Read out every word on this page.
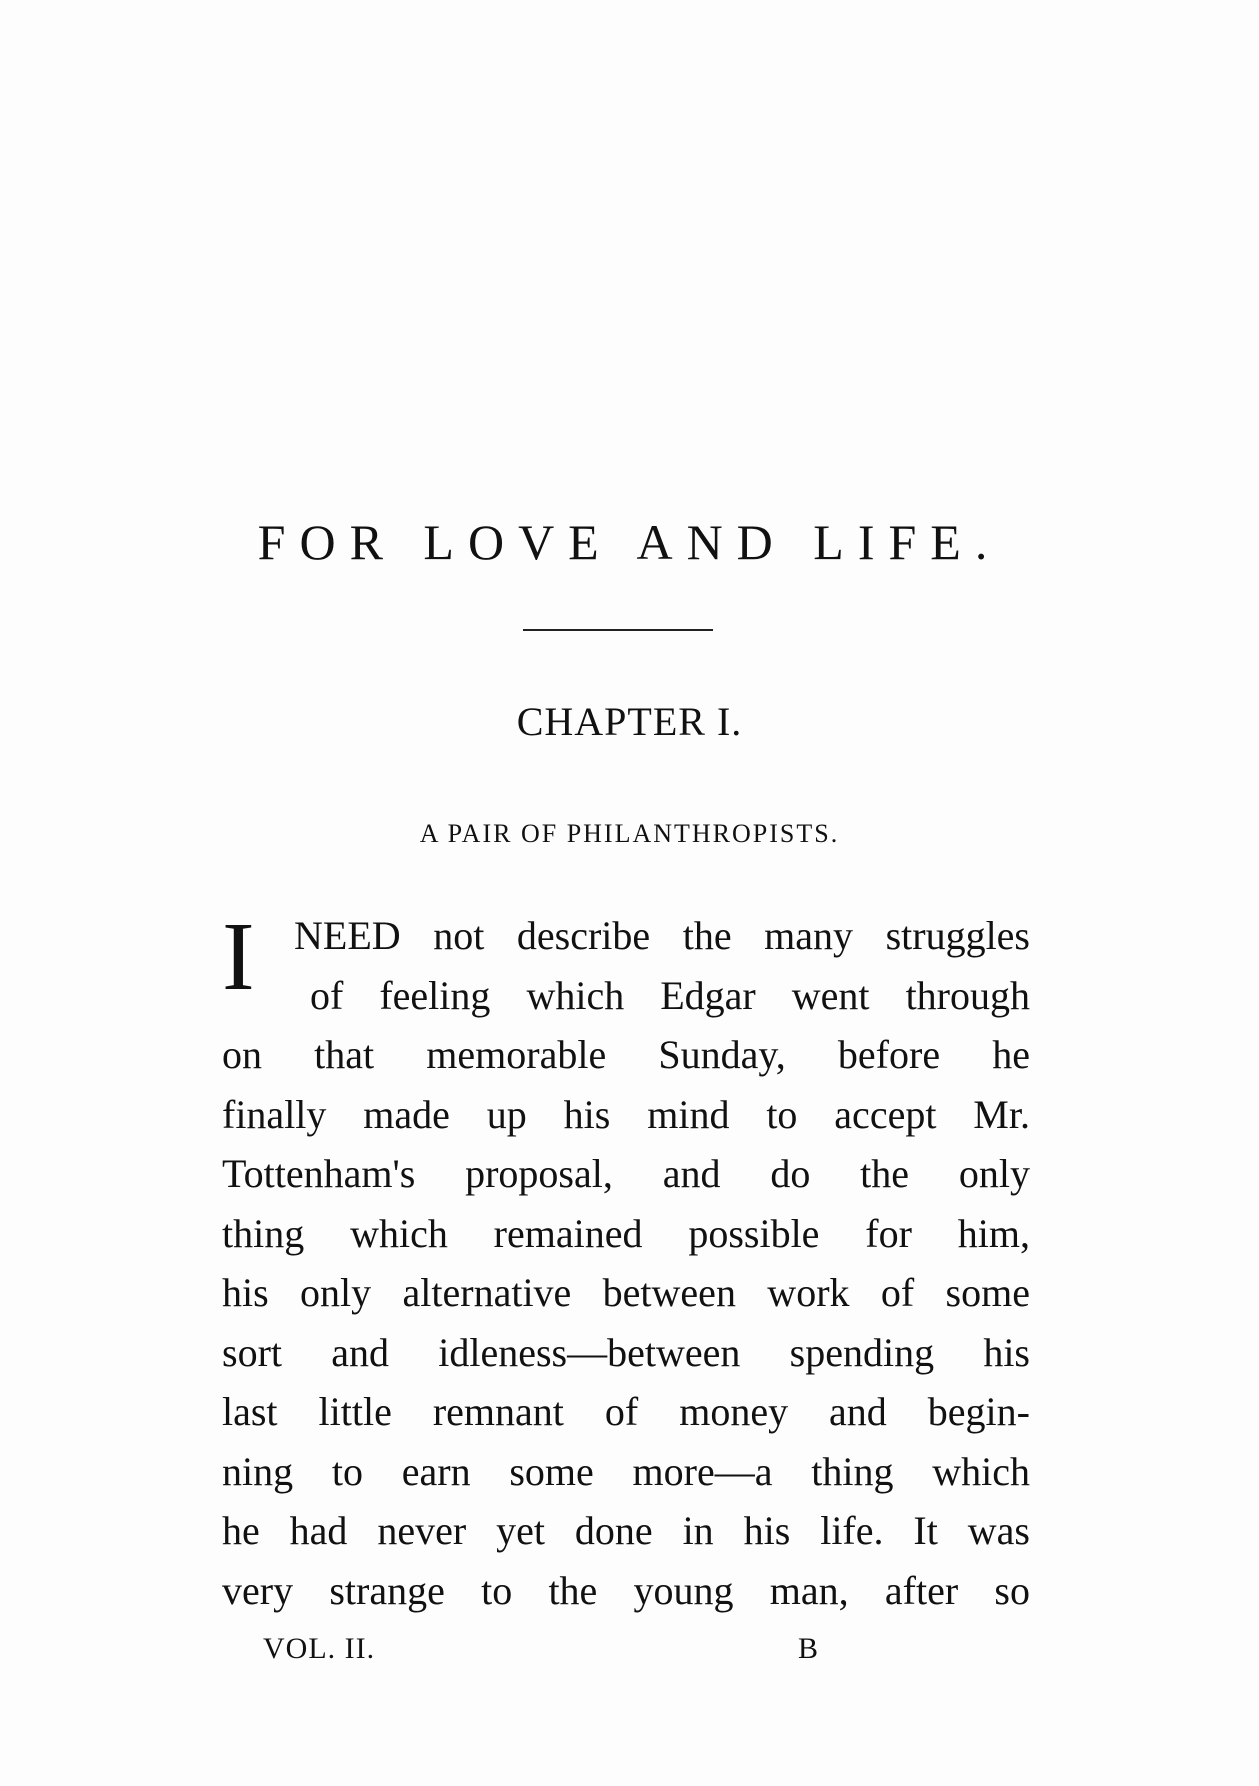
FOR LOVE AND LIFE.
CHAPTER I.
A PAIR OF PHILANTHROPISTS.
I NEED not describe the many struggles
of feeling which Edgar went through
on that memorable Sunday, before he
finally made up his mind to accept Mr.
Tottenham's proposal, and do the only
thing which remained possible for him,
his only alternative between work of some
sort and idleness—between spending his
last little remnant of money and begin-
ning to earn some more—a thing which
he had never yet done in his life. It was
very strange to the young man, after so
VOL. II.	B
